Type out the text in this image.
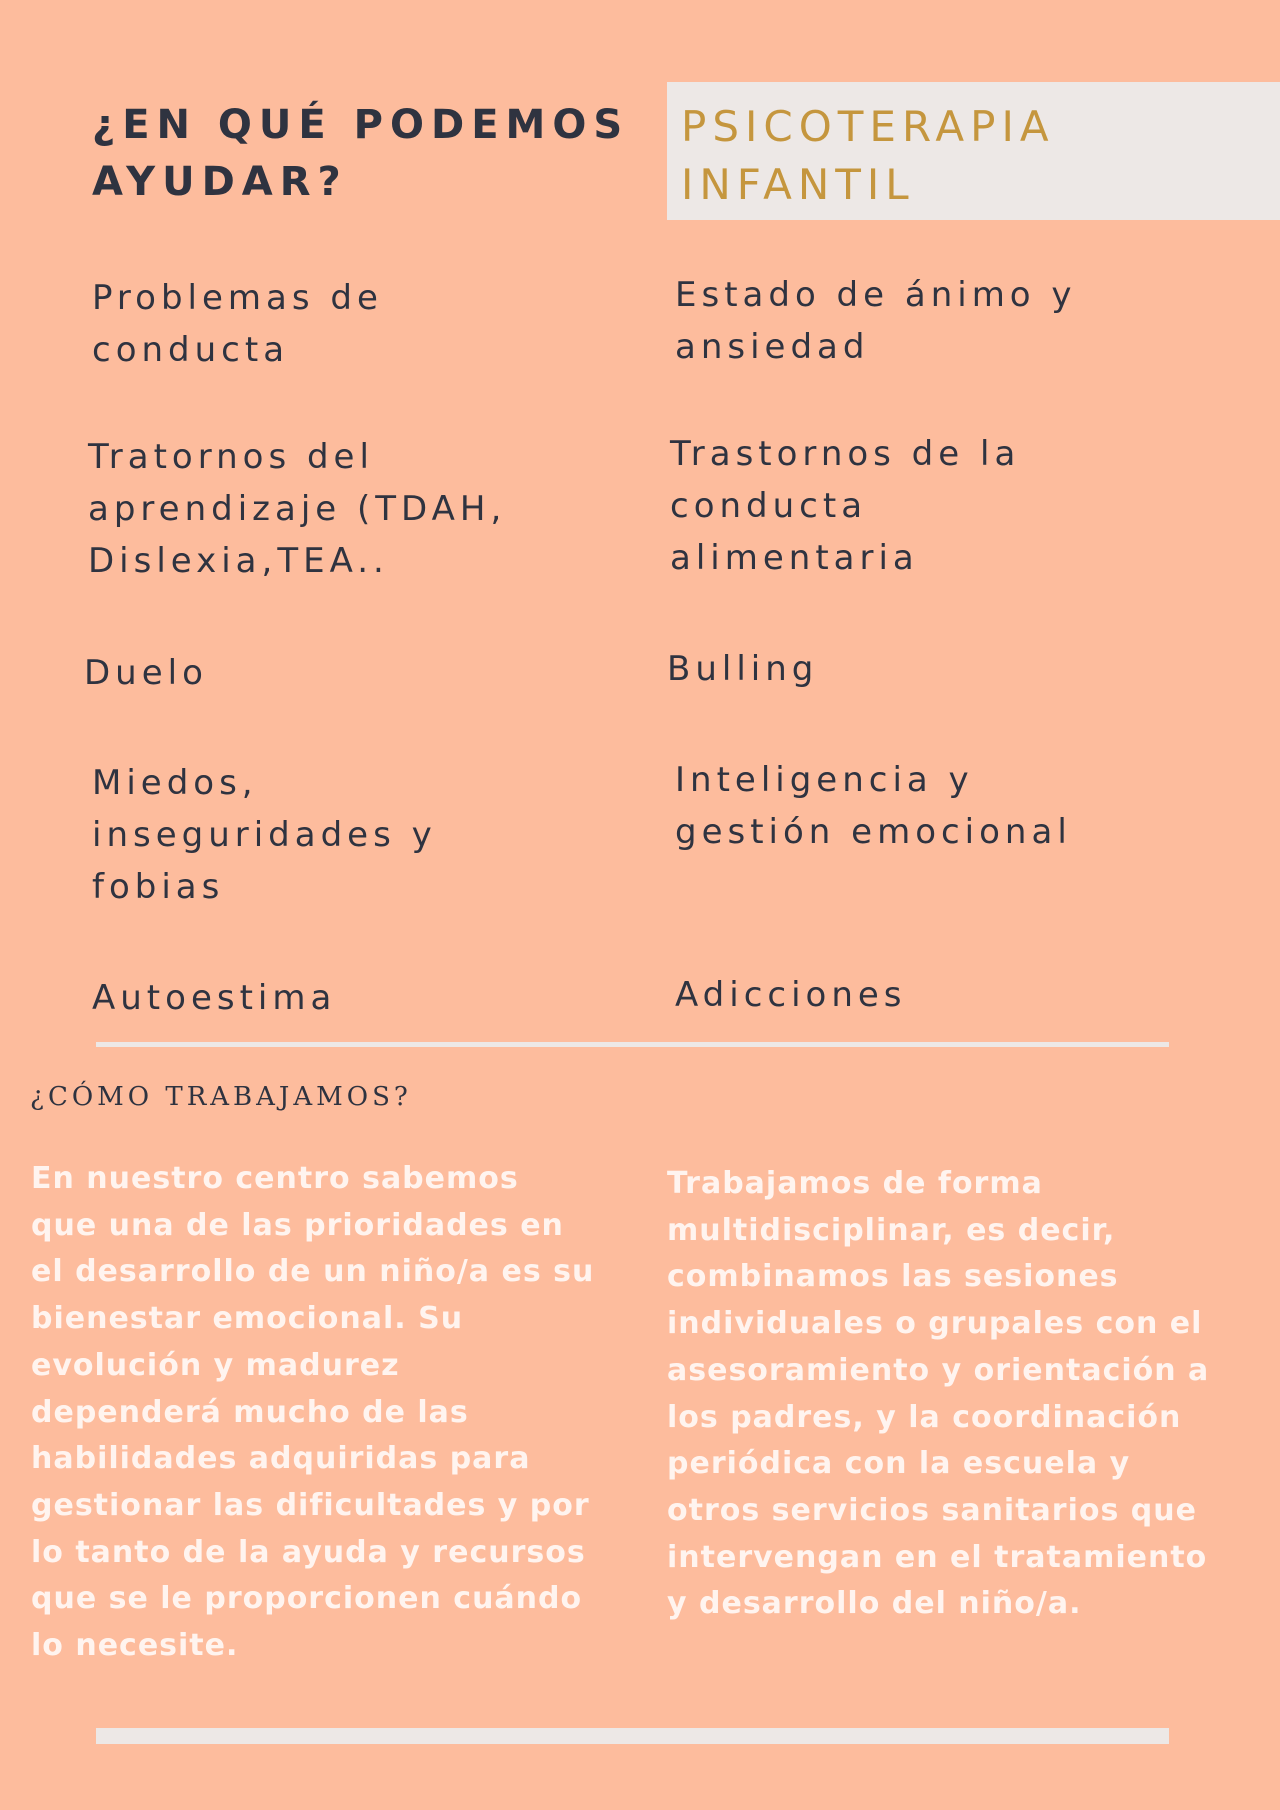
¿EN QUÉ PODEMOS
AYUDAR?
PSICOTERAPIA
INFANTIL
Problemas de
conducta
Tratornos del
aprendizaje (TDAH,
Dislexia,TEA..
Duelo
Miedos,
inseguridades y
fobias
Autoestima
Estado de ánimo y
ansiedad
Trastornos de la
conducta
alimentaria
Bulling
Inteligencia y
gestión emocional
Adicciones
¿CÓMO TRABAJAMOS?
En nuestro centro sabemos
que una de las prioridades en
el desarrollo de un niño/a es su
bienestar emocional. Su
evolución y madurez
dependerá mucho de las
habilidades adquiridas para
gestionar las dificultades y por
lo tanto de la ayuda y recursos
que se le proporcionen cuándo
lo necesite.
Trabajamos de forma
multidisciplinar, es decir,
combinamos las sesiones
individuales o grupales con el
asesoramiento y orientación a
los padres, y la coordinación
periódica con la escuela y
otros servicios sanitarios que
intervengan en el tratamiento
y desarrollo del niño/a.
